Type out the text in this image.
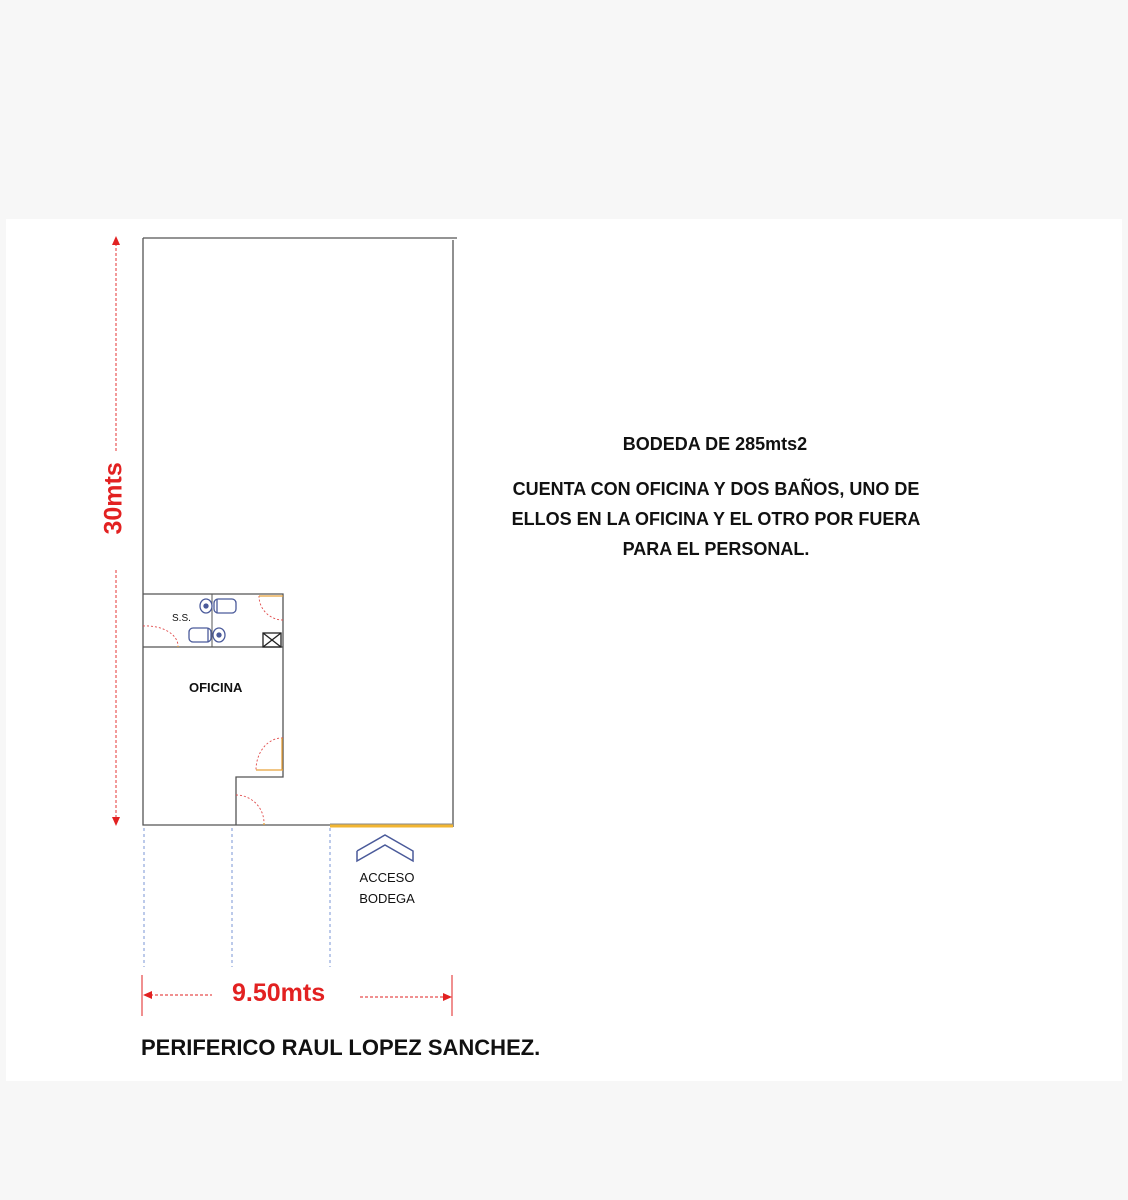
BODEDA DE 285mts2
CUENTA CON OFICINA Y DOS BAÑOS, UNO DE ELLOS EN LA OFICINA Y EL OTRO POR FUERA PARA EL PERSONAL.
30mts
9.50mts
OFICINA
S.S.
ACCESO BODEGA
PERIFERICO RAUL LOPEZ SANCHEZ.
